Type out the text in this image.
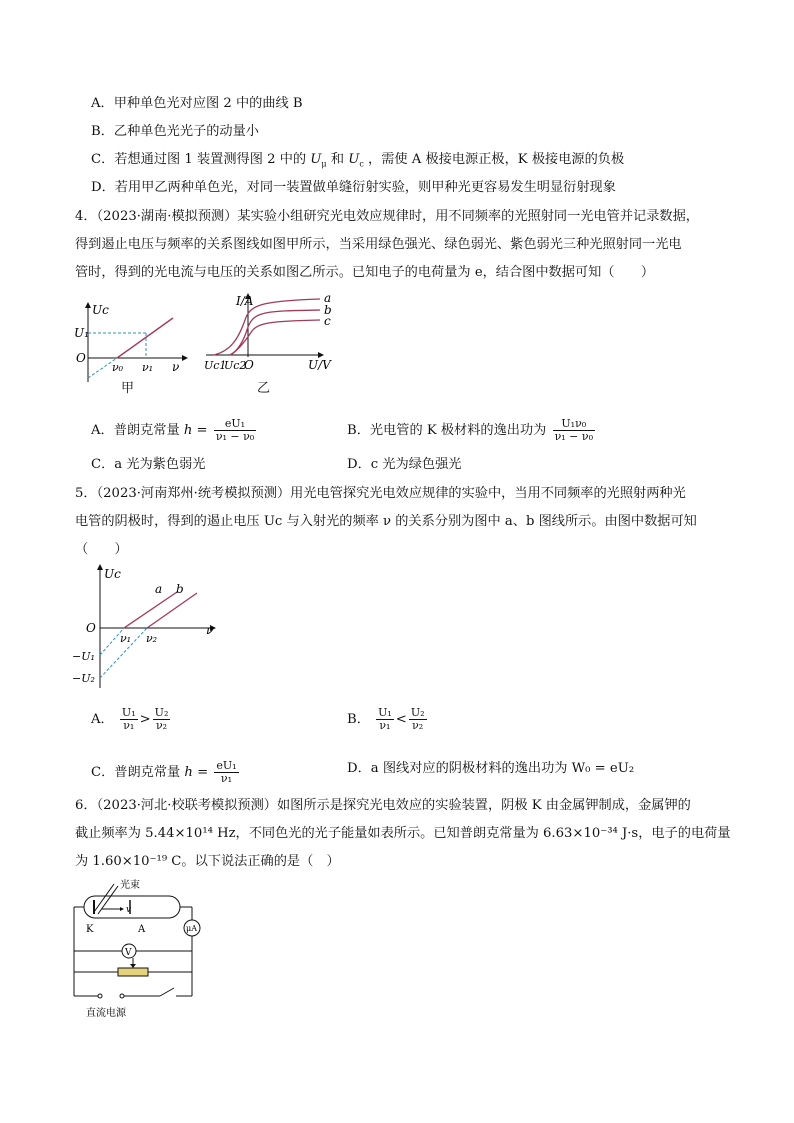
A．甲种单色光对应图 2 中的曲线 B
B．乙种单色光光子的动量小
C．若想通过图 1 装置测得图 2 中的 $U_\mu$ 和 $U_c$ ，需使 A 极接电源正极，K 极接电源的负极
D．若用甲乙两种单色光，对同一装置做单缝衍射实验，则甲种光更容易发生明显衍射现象
4．（2023·湖南·模拟预测）某实验小组研究光电效应规律时，用不同频率的光照射同一光电管并记录数据，
得到遏止电压与频率的关系图线如图甲所示，当采用绿色强光、绿色弱光、紫色弱光三种光照射同一光电
管时，得到的光电流与电压的关系如图乙所示。已知电子的电荷量为 e，结合图中数据可知（　　）
Uc
U₁
O
ν₀ ν₁ ν
甲
I/A	a
b
c
Uc1
Uc2
O	U/V
乙
A．普朗克常量 $h = \frac{\text{eU₁}}{\text{ν₁ − ν₀}}$	B．光电管的 K 极材料的逸出功为 $\frac{\text{U₁ν₀}}{\text{ν₁ − ν₀}}$
C．a 光为紫色弱光	D．c 光为绿色强光
5．（2023·河南郑州·统考模拟预测）用光电管探究光电效应规律的实验中，当用不同频率的光照射两种光
电管的阴极时，得到的遏止电压 Uc 与入射光的频率 ν 的关系分别为图中 a、b 图线所示。由图中数据可知
（　　）
Uc
a b
O
ν₁ ν₂
ν
−U₁
−U₂
A． $\frac{\text{U₁}}{\text{ν₁}} > \frac{\text{U₂}}{\text{ν₂}}$	B． $\frac{\text{U₁}}{\text{ν₁}} < \frac{\text{U₂}}{\text{ν₂}}$
C．普朗克常量 $h = \frac{\text{eU₁}}{\text{ν₁}}$	D．a 图线对应的阴极材料的逸出功为 W₀ = eU₂
6．（2023·河北·校联考模拟预测）如图所示是探究光电效应的实验装置，阴极 K 由金属钾制成，金属钾的
截止频率为 5.44×10¹⁴ Hz，不同色光的光子能量如表所示。已知普朗克常量为 6.63×10⁻³⁴ J·s，电子的电荷量
为 1.60×10⁻¹⁹ C。以下说法正确的是（　）
光束
v
K	A	μA
V
直流电源
